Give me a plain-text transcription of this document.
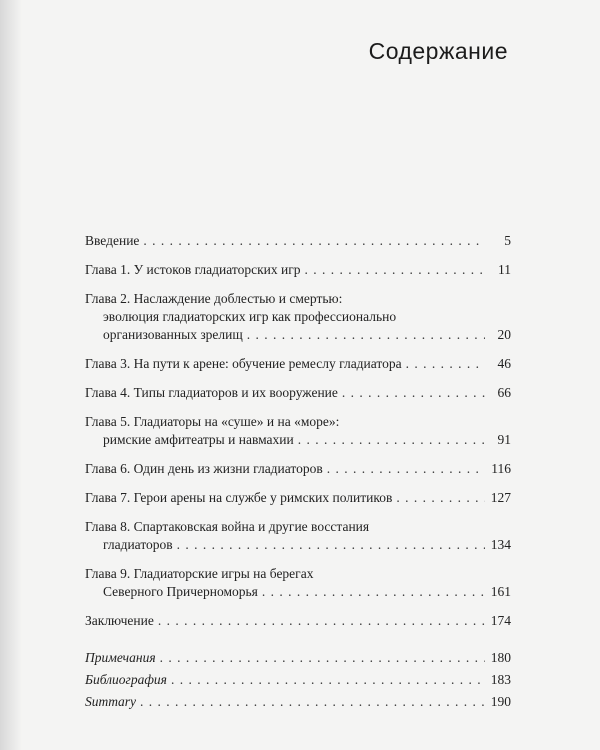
Содержание
Введение . . .	5
Глава 1. У истоков гладиаторских игр . . .	11
Глава 2. Наслаждение доблестью и смертью:
эволюция гладиаторских игр как профессионально
организованных зрелищ . . .	20
Глава 3. На пути к арене: обучение ремеслу гладиатора . . .	46
Глава 4. Типы гладиаторов и их вооружение . . .	66
Глава 5. Гладиаторы на «суше» и на «море»:
римские амфитеатры и навмахии . . .	91
Глава 6. Один день из жизни гладиаторов . . .	116
Глава 7. Герои арены на службе у римских политиков . . .	127
Глава 8. Спартаковская война и другие восстания
гладиаторов . . .	134
Глава 9. Гладиаторские игры на берегах
Северного Причерноморья . . .	161
Заключение . . .	174
Примечания . . .	180
Библиография . . .	183
Summary . . .	190
